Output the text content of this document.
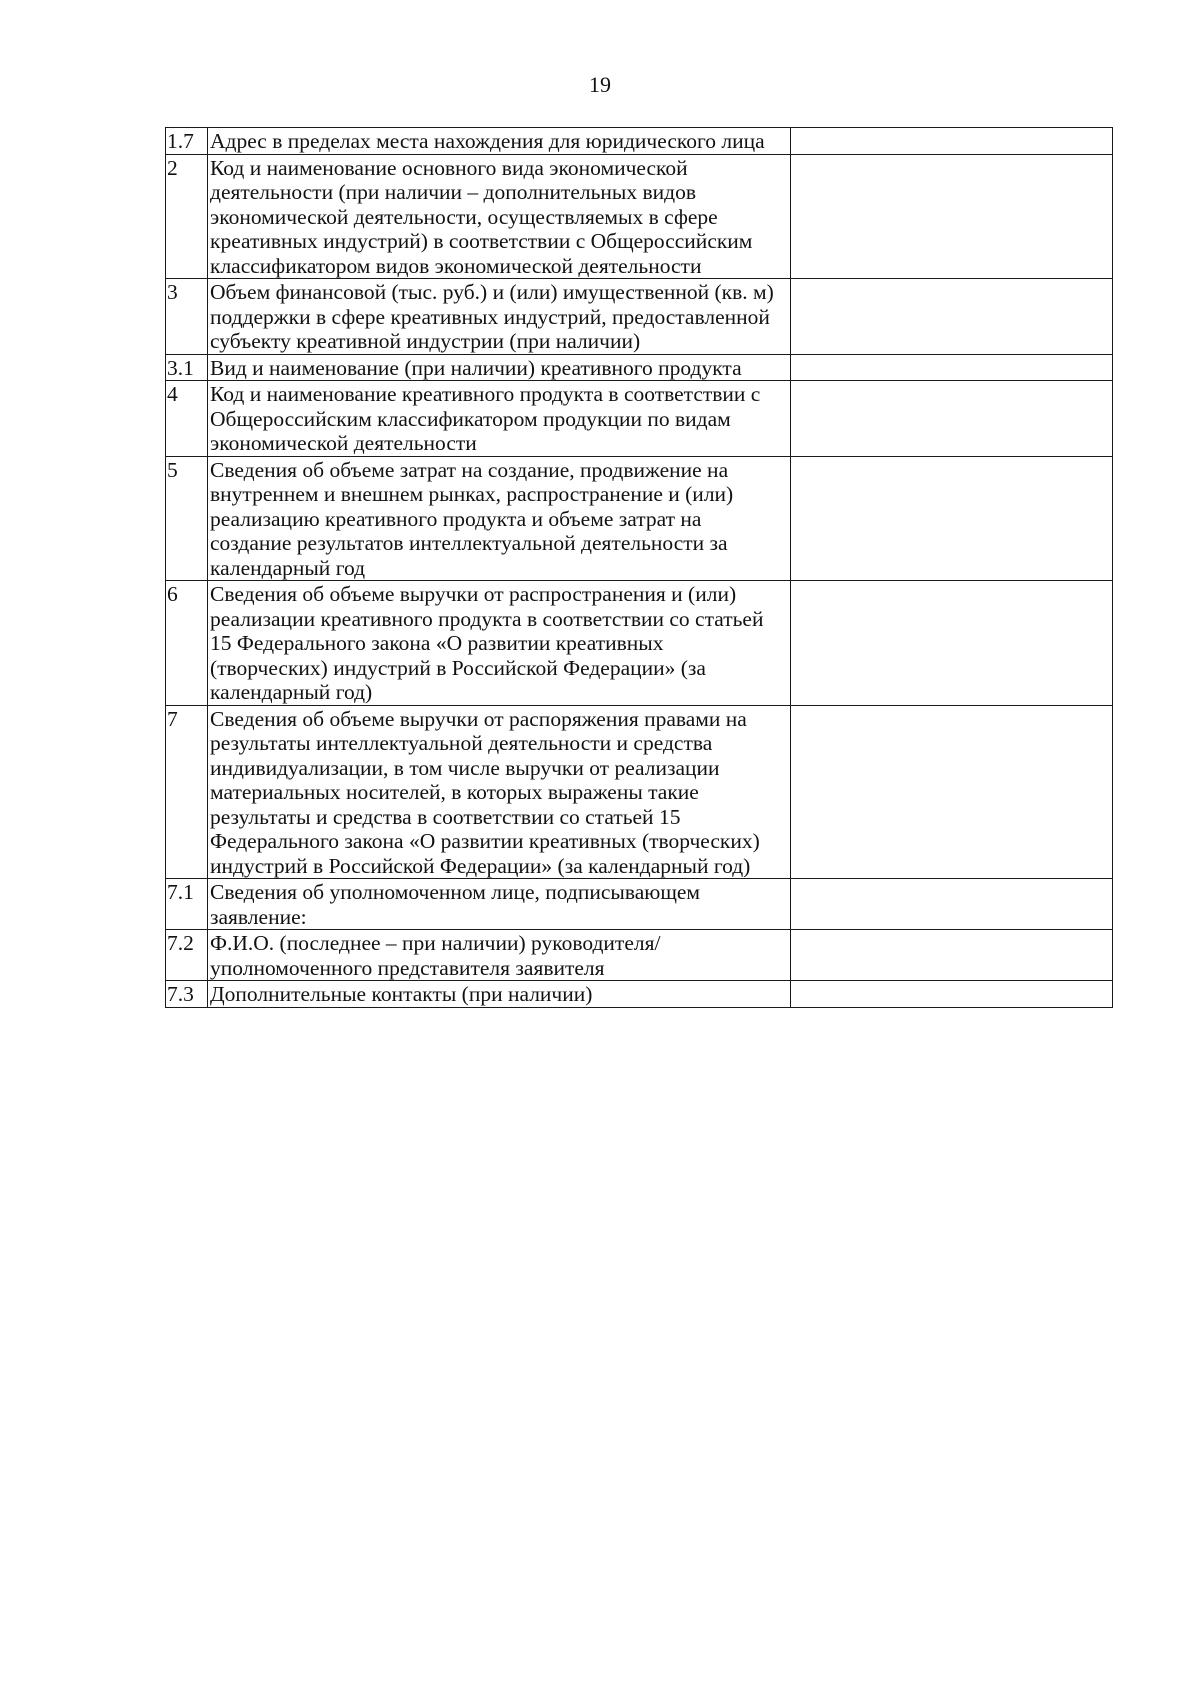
19
1.7	Адрес в пределах места нахождения для юридического лица	
2	Код и наименование основного вида экономической деятельности (при наличии – дополнительных видов экономической деятельности, осуществляемых в сфере креативных индустрий) в соответствии с Общероссийским классификатором видов экономической деятельности	
3	Объем финансовой (тыс. руб.) и (или) имущественной (кв. м) поддержки в сфере креативных индустрий, предоставленной субъекту креативной индустрии (при наличии)	
3.1	Вид и наименование (при наличии) креативного продукта	
4	Код и наименование креативного продукта в соответствии с Общероссийским классификатором продукции по видам экономической деятельности	
5	Сведения об объеме затрат на создание, продвижение на внутреннем и внешнем рынках, распространение и (или) реализацию креативного продукта и объеме затрат на создание результатов интеллектуальной деятельности за календарный год	
6	Сведения об объеме выручки от распространения и (или) реализации креативного продукта в соответствии со статьей 15 Федерального закона «О развитии креативных (творческих) индустрий в Российской Федерации» (за календарный год)	
7	Сведения об объеме выручки от распоряжения правами на результаты интеллектуальной деятельности и средства индивидуализации, в том числе выручки от реализации материальных носителей, в которых выражены такие результаты и средства в соответствии со статьей 15 Федерального закона «О развитии креативных (творческих) индустрий в Российской Федерации» (за календарный год)	
7.1	Сведения об уполномоченном лице, подписывающем заявление:	
7.2	Ф.И.О. (последнее – при наличии) руководителя/уполномоченного представителя заявителя	
7.3	Дополнительные контакты (при наличии)	
